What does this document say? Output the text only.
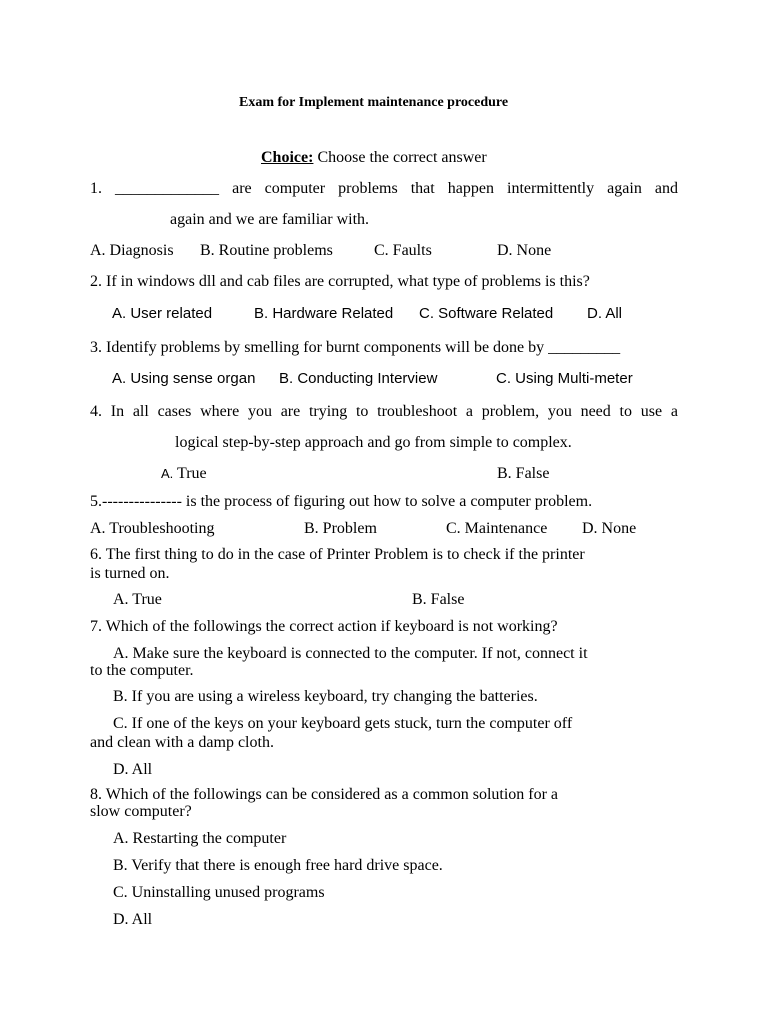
Exam for Implement maintenance procedure
Choice: Choose the correct answer
1. _____________ are computer problems that happen intermittently again and
again and we are familiar with.
A. Diagnosis B. Routine problems	C. Faults	D. None
2. If in windows dll and cab files are corrupted, what type of problems is this?
A. User related	B. Hardware Related C. Software Related D. All
3. Identify problems by smelling for burnt components will be done by _________
A. Using sense organ B. Conducting Interview	C. Using Multi-meter
4. In all cases where you are trying to troubleshoot a problem, you need to use a
logical step-by-step approach and go from simple to complex.
A. True	B. False
5.--------------- is the process of figuring out how to solve a computer problem.
A. Troubleshooting	B. Problem	C. Maintenance D. None
6. The first thing to do in the case of Printer Problem is to check if the printer
is turned on.
A. True	B. False
7. Which of the followings the correct action if keyboard is not working?
A. Make sure the keyboard is connected to the computer. If not, connect it
to the computer.
B. If you are using a wireless keyboard, try changing the batteries.
C. If one of the keys on your keyboard gets stuck, turn the computer off
and clean with a damp cloth.
D. All
8. Which of the followings can be considered as a common solution for a
slow computer?
A. Restarting the computer
B. Verify that there is enough free hard drive space.
C. Uninstalling unused programs
D. All
